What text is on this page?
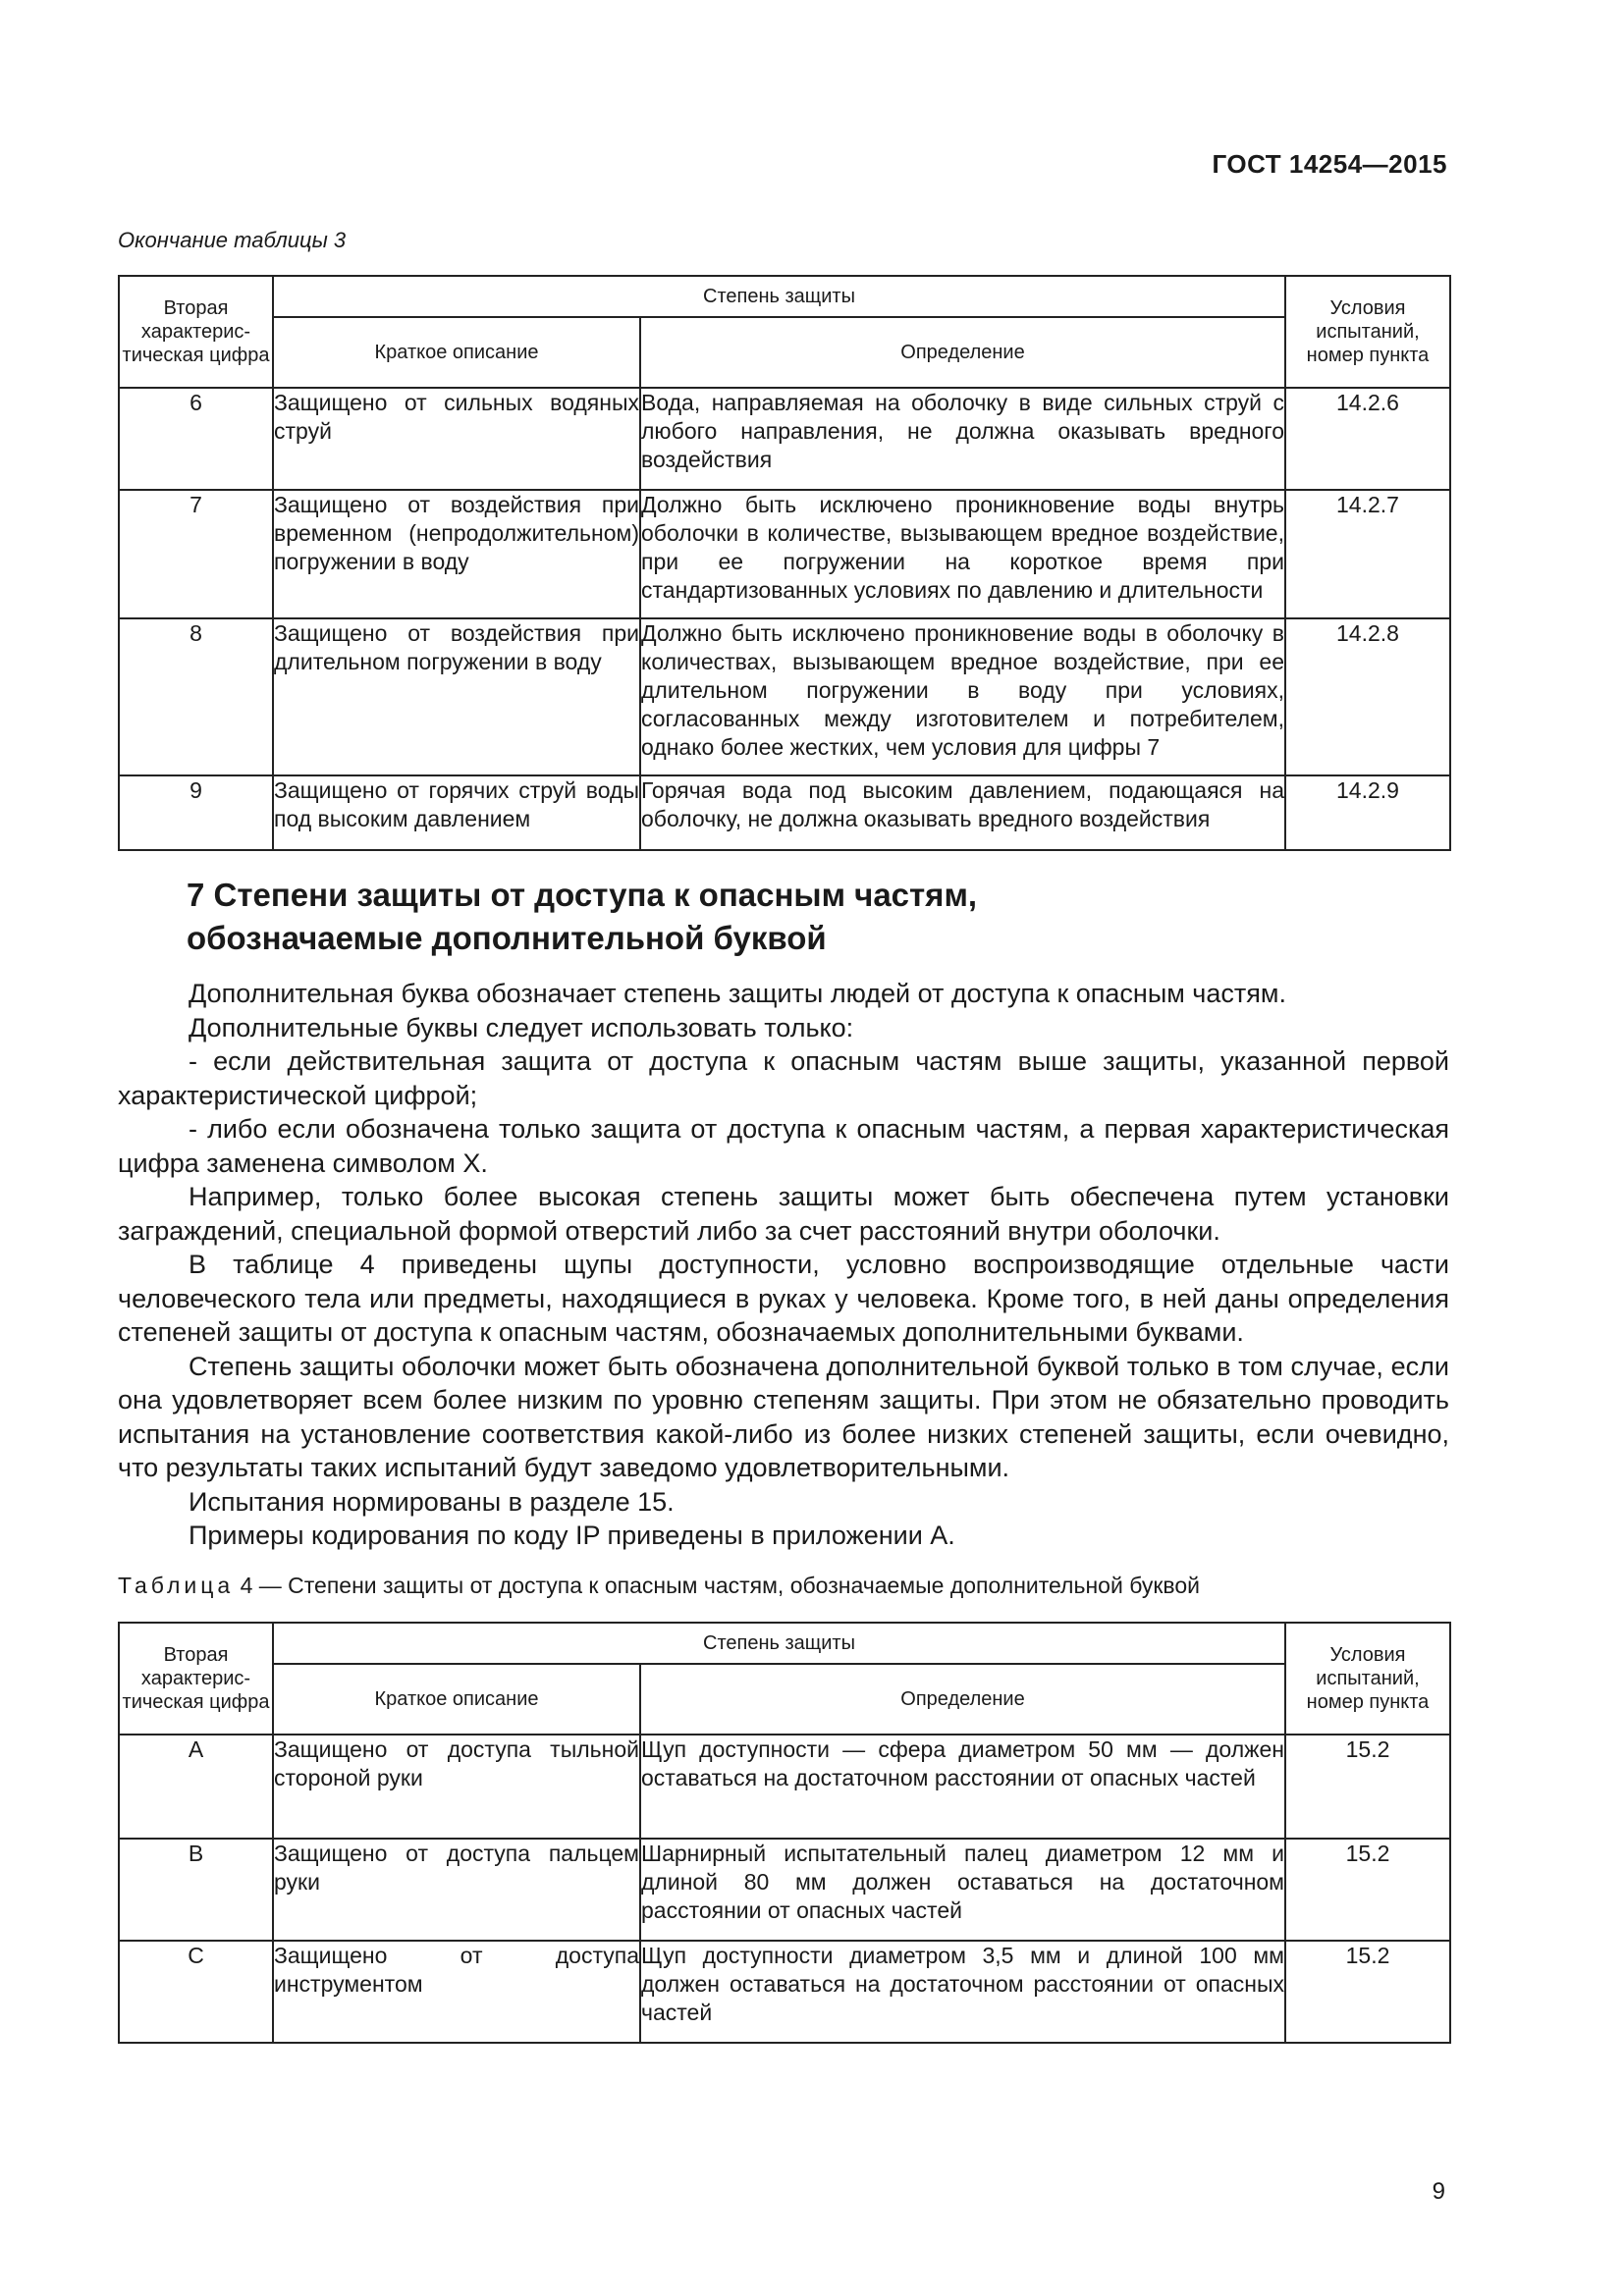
ГОСТ 14254—2015
Окончание таблицы 3
Вторая характерис-тическая цифра	Степень защиты		Условия испытаний, номер пункта
	Краткое описание	Определение	
6	Защищено от сильных водяных струй	Вода, направляемая на оболочку в виде сильных струй с любого направления, не должна оказывать вредного воздействия	14.2.6
7	Защищено от воздействия при временном (непродолжительном) погружении в воду	Должно быть исключено проникновение воды внутрь оболочки в количестве, вызывающем вредное воздействие, при ее погружении на короткое время при стандартизованных условиях по давлению и длительности	14.2.7
8	Защищено от воздействия при длительном погружении в воду	Должно быть исключено проникновение воды в оболочку в количествах, вызывающем вредное воздействие, при ее длительном погружении в воду при условиях, согласованных между изготовителем и потребителем, однако более жестких, чем условия для цифры 7	14.2.8
9	Защищено от горячих струй воды под высоким давлением	Горячая вода под высоким давлением, подающаяся на оболочку, не должна оказывать вредного воздействия	14.2.9
7 Степени защиты от доступа к опасным частям,
обозначаемые дополнительной буквой

Дополнительная буква обозначает степень защиты людей от доступа к опасным частям.

Дополнительные буквы следует использовать только:

- если действительная защита от доступа к опасным частям выше защиты, указанной первой характеристической цифрой;

- либо если обозначена только защита от доступа к опасным частям, а первая характеристическая цифра заменена символом X.

Например, только более высокая степень защиты может быть обеспечена путем установки заграждений, специальной формой отверстий либо за счет расстояний внутри оболочки.

В таблице 4 приведены щупы доступности, условно воспроизводящие отдельные части человеческого тела или предметы, находящиеся в руках у человека. Кроме того, в ней даны определения степеней защиты от доступа к опасным частям, обозначаемых дополнительными буквами.

Степень защиты оболочки может быть обозначена дополнительной буквой только в том случае, если она удовлетворяет всем более низким по уровню степеням защиты. При этом не обязательно проводить испытания на установление соответствия какой-либо из более низких степеней защиты, если очевидно, что результаты таких испытаний будут заведомо удовлетворительными.

Испытания нормированы в разделе 15.

Примеры кодирования по коду IP приведены в приложении А.

Таблица 4 — Степени защиты от доступа к опасным частям, обозначаемые дополнительной буквой
Вторая характерис-тическая цифра	Степень защиты		Условия испытаний, номер пункта
	Краткое описание	Определение	
A	Защищено от доступа тыльной стороной руки	Щуп доступности — сфера диаметром 50 мм — должен оставаться на достаточном расстоянии от опасных частей	15.2
B	Защищено от доступа пальцем руки	Шарнирный испытательный палец диаметром 12 мм и длиной 80 мм должен оставаться на достаточном расстоянии от опасных частей	15.2
C	Защищено от доступа инструментом	Щуп доступности диаметром 3,5 мм и длиной 100 мм должен оставаться на достаточном расстоянии от опасных частей	15.2
9
